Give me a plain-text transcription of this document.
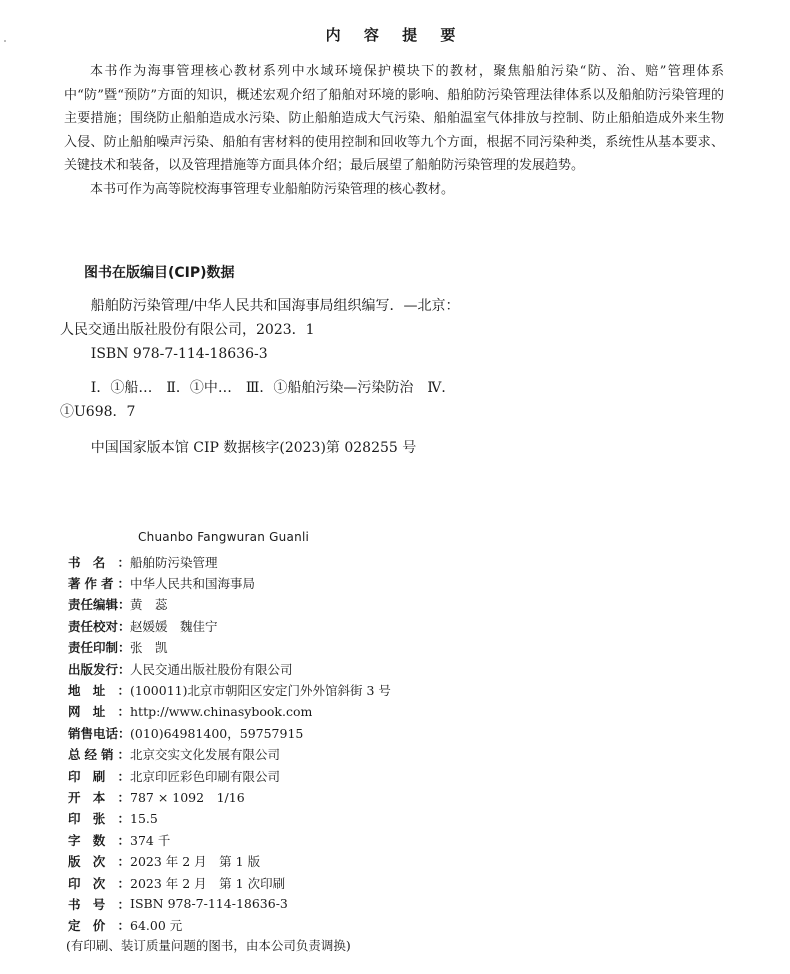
内 容 提 要

本书作为海事管理核心教材系列中水域环境保护模块下的教材，聚焦船舶污染“防、治、赔”管理体系中“防”暨“预防”方面的知识，概述宏观介绍了船舶对环境的影响、船舶防污染管理法律体系以及船舶防污染管理的主要措施；围绕防止船舶造成水污染、防止船舶造成大气污染、船舶温室气体排放与控制、防止船舶造成外来生物入侵、防止船舶噪声污染、船舶有害材料的使用控制和回收等九个方面，根据不同污染种类，系统性从基本要求、关键技术和装备，以及管理措施等方面具体介绍；最后展望了船舶防污染管理的发展趋势。

本书可作为高等院校海事管理专业船舶防污染管理的核心教材。

图书在版编目(CIP)数据

船舶防污染管理/中华人民共和国海事局组织编写．—北京：人民交通出版社股份有限公司，2023．1

ISBN 978-7-114-18636-3

Ⅰ．①船…　Ⅱ．①中…　Ⅲ．①船舶污染—污染防治　Ⅳ．①U698．7

中国国家版本馆 CIP 数据核字(2023)第 028255 号
Chuanbo Fangwuran Guanli
书名： 船舶防污染管理
著作者： 中华人民共和国海事局
责任编辑： 黄　蕊
责任校对： 赵媛媛　魏佳宁
责任印制： 张　凯
出版发行： 人民交通出版社股份有限公司
地址： (100011)北京市朝阳区安定门外外馆斜街 3 号
网址： http://www.chinasybook.com
销售电话： (010)64981400，59757915
总经销： 北京交实文化发展有限公司
印刷： 北京印匠彩色印刷有限公司
开本： 787 × 1092　1/16
印张： 15.5
字数： 374 千
版次： 2023 年 2 月　第 1 版
印次： 2023 年 2 月　第 1 次印刷
书号： ISBN 978-7-114-18636-3
定价： 64.00 元
(有印刷、装订质量问题的图书，由本公司负责调换)
